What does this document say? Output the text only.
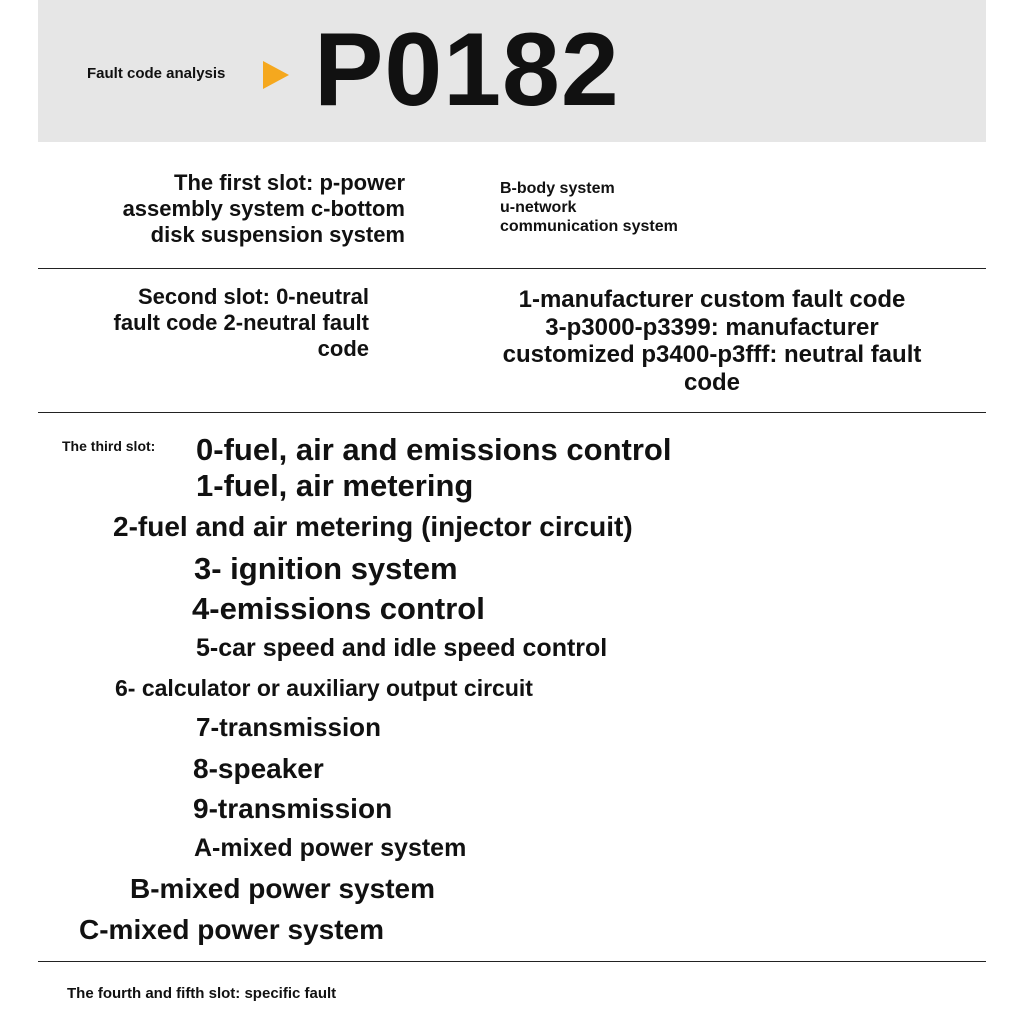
Fault code analysis P0182
The first slot: p-power
assembly system c-bottom
disk suspension system
B-body system
u-network
communication system
Second slot: 0-neutral
fault code 2-neutral fault
code
1-manufacturer custom fault code
3-p3000-p3399: manufacturer
customized p3400-p3fff: neutral fault
code
The third slot: 0-fuel, air and emissions control
1-fuel, air metering
2-fuel and air metering (injector circuit)
3- ignition system
4-emissions control
5-car speed and idle speed control
6- calculator or auxiliary output circuit
7-transmission
8-speaker
9-transmission
A-mixed power system
B-mixed power system
C-mixed power system
The fourth and fifth slot: specific fault
